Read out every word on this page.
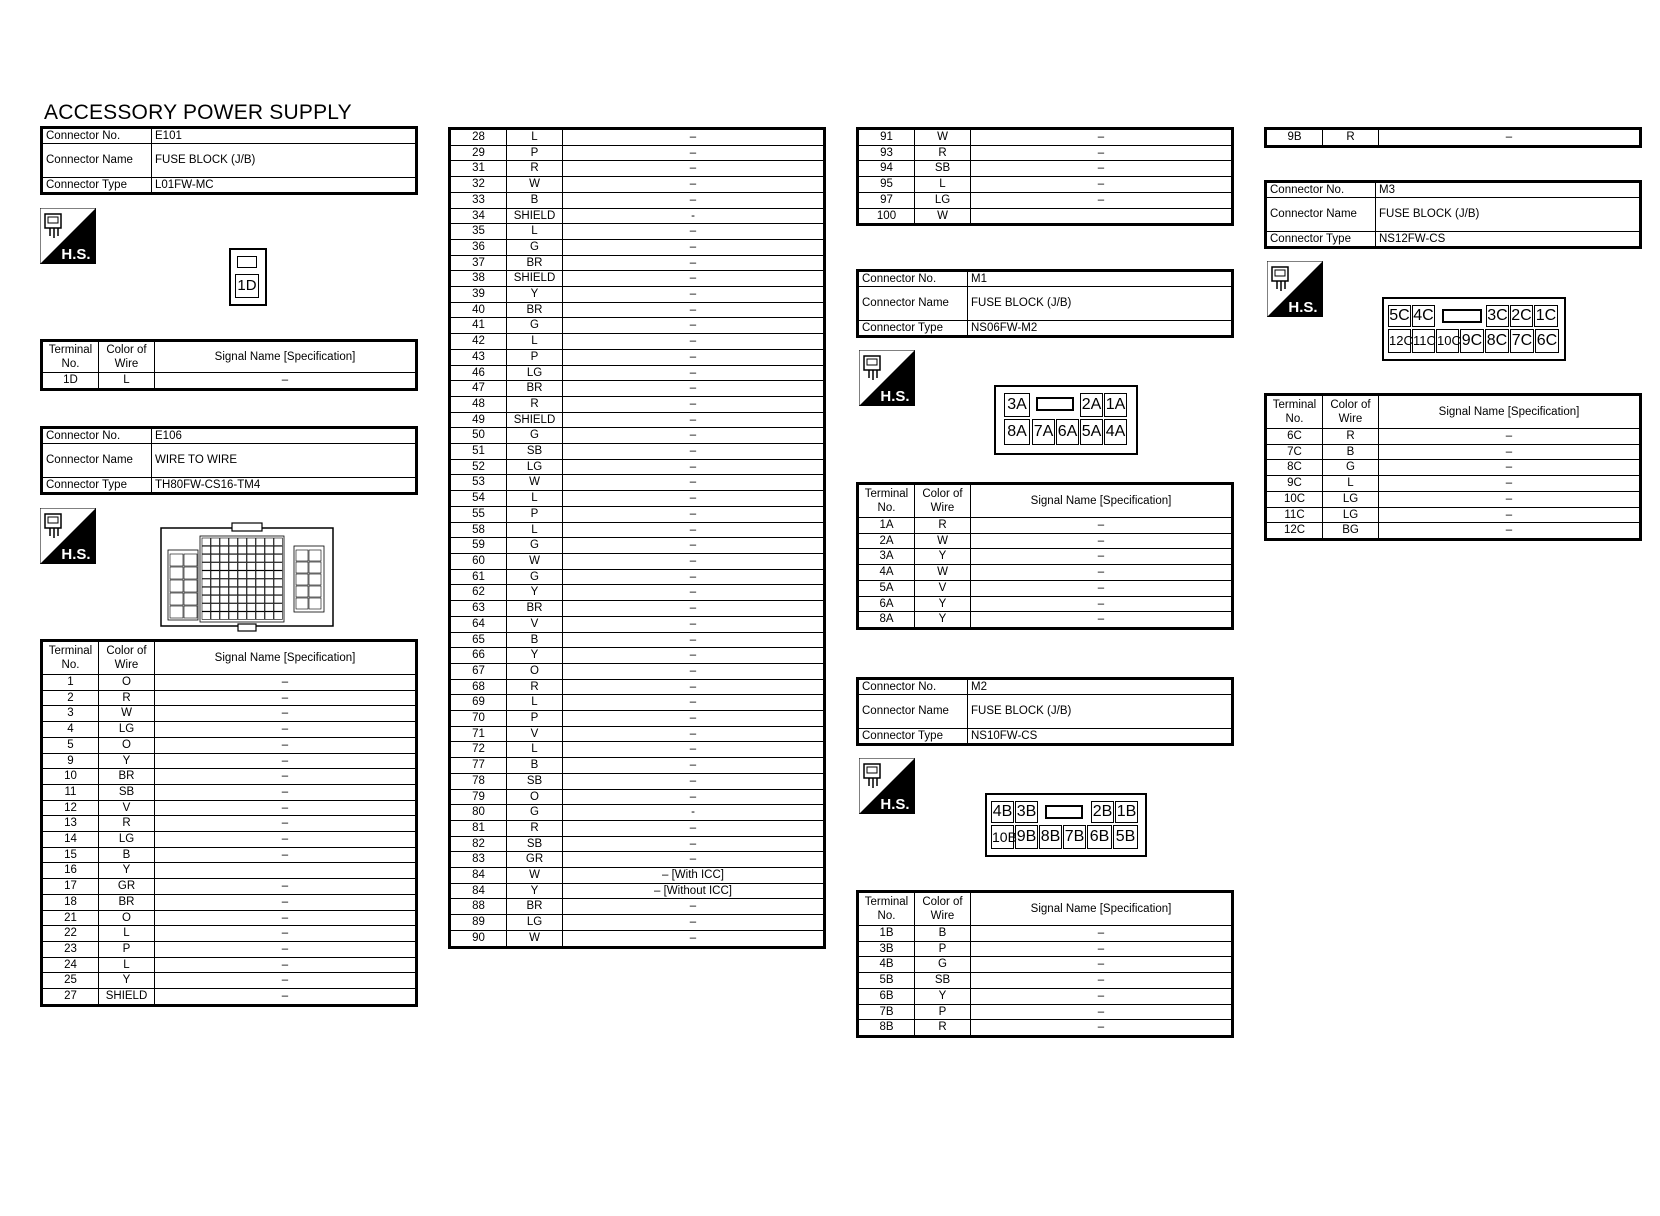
ACCESSORY POWER SUPPLY
Connector No.	E101
Connector Name	FUSE BLOCK (J/B)
Connector Type	L01FW-MC
H.S.
1D
Terminal No.	Color of Wire	Signal Name [Specification]
1D	L	–
Connector No.	E106
Connector Name	WIRE TO WIRE
Connector Type	TH80FW-CS16-TM4
H.S.
Terminal No.	Color of Wire	Signal Name [Specification]
1	O	–
2	R	–
3	W	–
4	LG	–
5	O	–
9	Y	–
10	BR	–
11	SB	–
12	V	–
13	R	–
14	LG	–
15	B	–
16	Y	
17	GR	–
18	BR	–
21	O	–
22	L	–
23	P	–
24	L	–
25	Y	–
27	SHIELD	–
28	L	–
29	P	–
31	R	–
32	W	–
33	B	–
34	SHIELD	-
35	L	–
36	G	–
37	BR	–
38	SHIELD	–
39	Y	–
40	BR	–
41	G	–
42	L	–
43	P	–
46	LG	–
47	BR	–
48	R	–
49	SHIELD	–
50	G	–
51	SB	–
52	LG	–
53	W	–
54	L	–
55	P	–
58	L	–
59	G	–
60	W	–
61	G	–
62	Y	–
63	BR	–
64	V	–
65	B	–
66	Y	–
67	O	–
68	R	–
69	L	–
70	P	–
71	V	–
72	L	–
77	B	–
78	SB	–
79	O	–
80	G	-
81	R	–
82	SB	–
83	GR	–
84	W	– [With ICC]
84	Y	– [Without ICC]
88	BR	–
89	LG	–
90	W	–
91	W	–
93	R	–
94	SB	–
95	L	–
97	LG	–
100	W	
Connector No.	M1
Connector Name	FUSE BLOCK (J/B)
Connector Type	NS06FW-M2
H.S.	3A	2A 1A
8A 7A 6A 5A 4A
Terminal No.	Color of Wire	Signal Name [Specification]
1A	R	–
2A	W	–
3A	Y	–
4A	W	–
5A	V	–
6A	Y	–
8A	Y	–
Connector No.	M2
Connector Name	FUSE BLOCK (J/B)
Connector Type	NS10FW-CS
H.S.	4B 3B	2B 1B
10B 9B 8B 7B 6B 5B
Terminal No.	Color of Wire	Signal Name [Specification]
1B	B	–
3B	P	–
4B	G	–
5B	SB	–
6B	Y	–
7B	P	–
8B	R	–
9B	R	–
Connector No.	M3
Connector Name	FUSE BLOCK (J/B)
Connector Type	NS12FW-CS
H.S.	5C 4C	3C 2C 1C
12C 11C 10C 9C 8C 7C 6C
Terminal No.	Color of Wire	Signal Name [Specification]
6C	R	–
7C	B	–
8C	G	–
9C	L	–
10C	LG	–
11C	LG	–
12C	BG	–
